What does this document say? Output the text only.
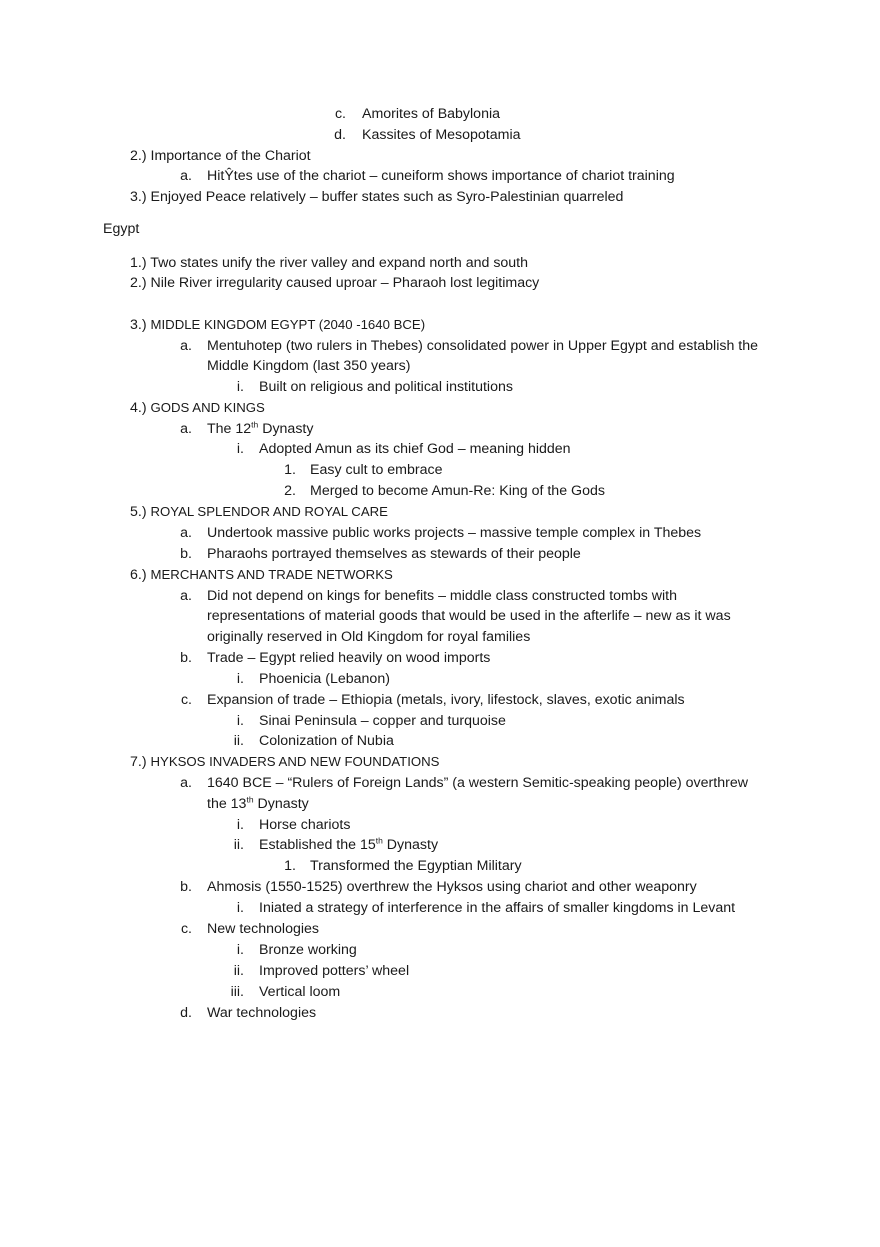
c. Amorites of Babylonia
d. Kassites of Mesopotamia
2.) Importance of the Chariot
a. HitŶtes use of the chariot – cuneiform shows importance of chariot training
3.) Enjoyed Peace relatively – buffer states such as Syro-Palestinian quarreled
Egypt
1.) Two states unify the river valley and expand north and south
2.) Nile River irregularity caused uproar – Pharaoh lost legitimacy
3.) MIDDLE KINGDOM EGYPT (2040 -1640 BCE)
a. Mentuhotep (two rulers in Thebes) consolidated power in Upper Egypt and establish the
Middle Kingdom (last 350 years)
i. Built on religious and political institutions
4.) GODS AND KINGS
a. The 12th Dynasty
i. Adopted Amun as its chief God – meaning hidden
1. Easy cult to embrace
2. Merged to become Amun-Re: King of the Gods
5.) ROYAL SPLENDOR AND ROYAL CARE
a. Undertook massive public works projects – massive temple complex in Thebes
b. Pharaohs portrayed themselves as stewards of their people
6.) MERCHANTS AND TRADE NETWORKS
a. Did not depend on kings for benefits – middle class constructed tombs with
representations of material goods that would be used in the afterlife – new as it was
originally reserved in Old Kingdom for royal families
b. Trade – Egypt relied heavily on wood imports
i. Phoenicia (Lebanon)
c. Expansion of trade – Ethiopia (metals, ivory, lifestock, slaves, exotic animals
i. Sinai Peninsula – copper and turquoise
ii. Colonization of Nubia
7.) HYKSOS INVADERS AND NEW FOUNDATIONS
a. 1640 BCE – “Rulers of Foreign Lands” (a western Semitic-speaking people) overthrew
the 13th Dynasty
i. Horse chariots
ii. Established the 15th Dynasty
1. Transformed the Egyptian Military
b. Ahmosis (1550-1525) overthrew the Hyksos using chariot and other weaponry
i. Iniated a strategy of interference in the affairs of smaller kingdoms in Levant
c. New technologies
i. Bronze working
ii. Improved potters’ wheel
iii. Vertical loom
d. War technologies
